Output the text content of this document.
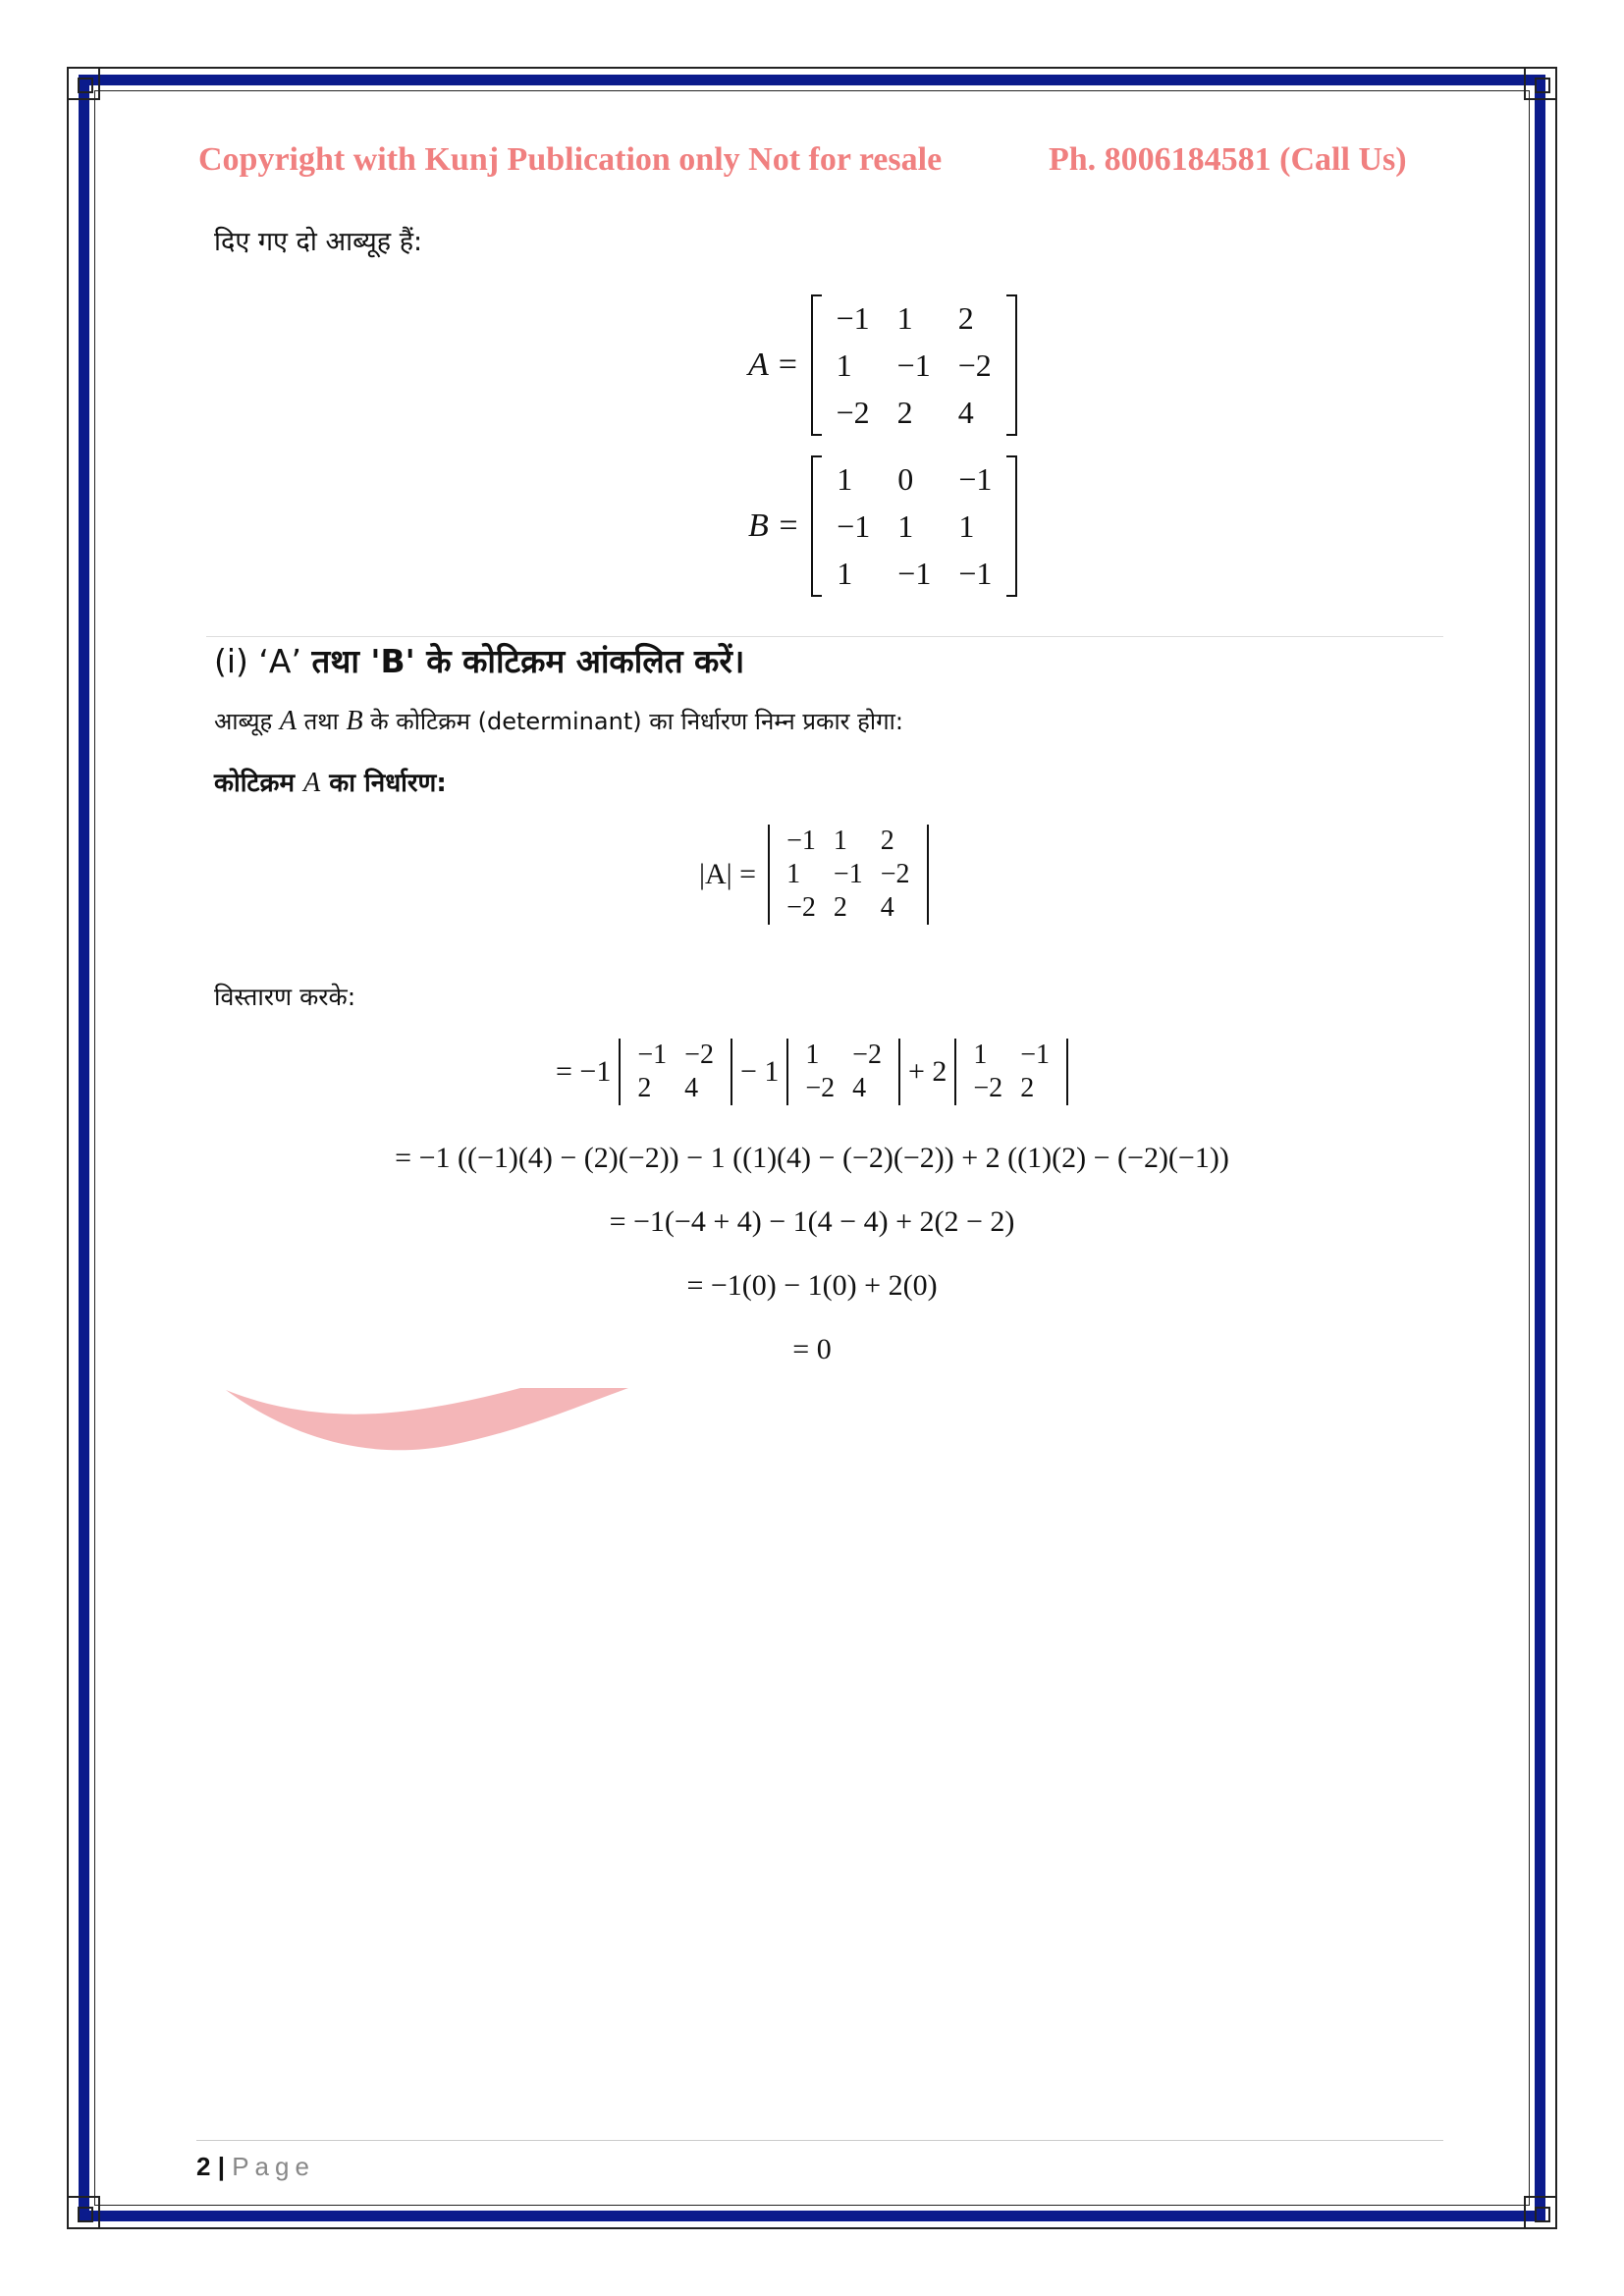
Copyright with Kunj Publication only Not for resale	Ph. 8006184581 (Call Us)
दिए गए दो आब्यूह हैं:
A =
−1	1	2
1	−1	−2
−2	2	4
B =
1	0	−1
−1	1	1
1	−1	−1
(i) ‘A’ तथा 'B' के कोटिक्रम आंकलित करें।
आब्यूह A तथा B के कोटिक्रम (determinant) का निर्धारण निम्न प्रकार होगा:
कोटिक्रम A का निर्धारण:
|A| =
−1	1	2
1	−1	−2
−2	2	4
विस्तारण करके:
= −1
−1	−2
2	4
− 1
1	−2
−2	4
+ 2
1	−1
−2	2
= −1 ((−1)(4) − (2)(−2)) − 1 ((1)(4) − (−2)(−2)) + 2 ((1)(2) − (−2)(−1))
= −1(−4 + 4) − 1(4 − 4) + 2(2 − 2)
= −1(0) − 1(0) + 2(0)
= 0
2 | Page
